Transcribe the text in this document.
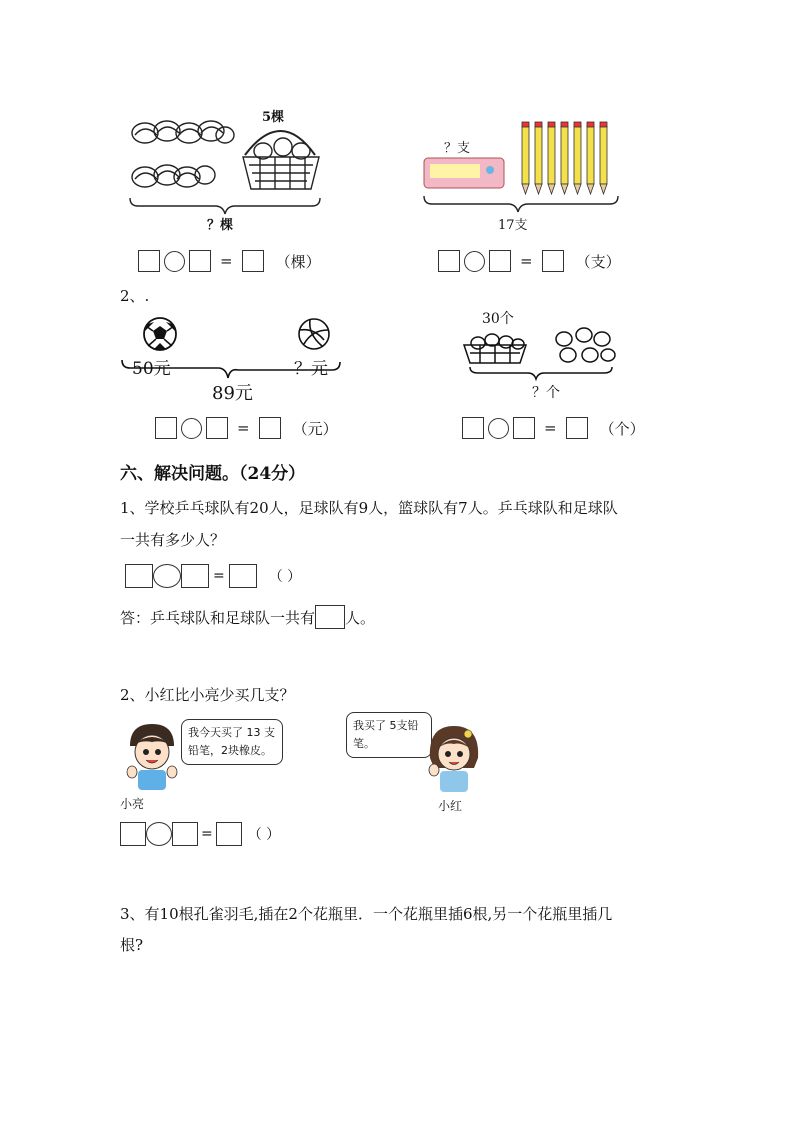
5棵
？棵
=	（棵）
？支
17支
=	（支）
2、.
50元	？元
89元
=	（元）
30个
？个
=	（个）
六、解决问题。（24分）
1、学校乒乓球队有20人，足球队有9人，篮球队有7人。乒乓球队和足球队
一共有多少人？
=	（ ）
答：乒乓球队和足球队一共有 人。
2、小红比小亮少买几支？
我今天买了 13 支铅笔，2块橡皮。
小亮
我买了 5支铅笔。
小红
=	（ ）
3、有10根孔雀羽毛,插在2个花瓶里．一个花瓶里插6根,另一个花瓶里插几
根?
